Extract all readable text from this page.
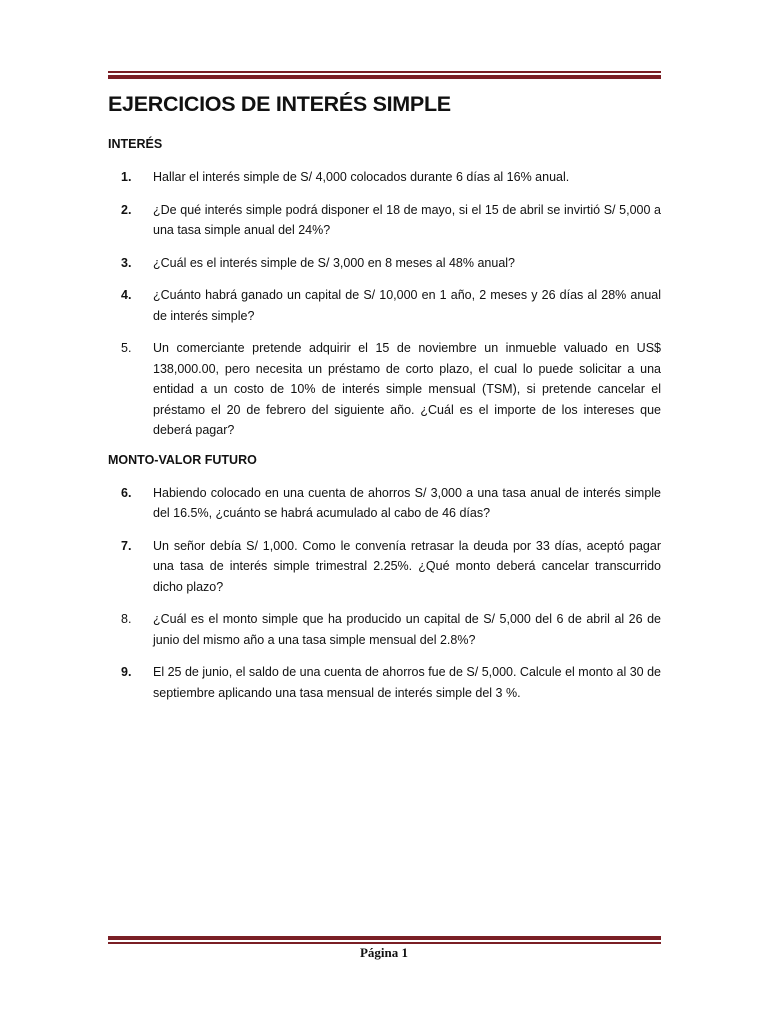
EJERCICIOS DE INTERÉS SIMPLE
INTERÉS
1.	Hallar el interés simple de S/ 4,000 colocados durante 6 días al 16% anual.
2.	¿De qué interés simple podrá disponer el 18 de mayo, si el 15 de abril se invirtió S/ 5,000 a una tasa simple anual del 24%?
3.	¿Cuál es el interés simple de S/ 3,000 en 8 meses al 48% anual?
4.	¿Cuánto habrá ganado un capital de S/ 10,000 en 1 año, 2 meses y 26 días al 28% anual de interés simple?
5.	Un comerciante pretende adquirir el 15 de noviembre un inmueble valuado en US$ 138,000.00, pero necesita un préstamo de corto plazo, el cual lo puede solicitar a una entidad a un costo de 10% de interés simple mensual (TSM), si pretende cancelar el préstamo el 20 de febrero del siguiente año. ¿Cuál es el importe de los intereses que deberá pagar?
MONTO-VALOR FUTURO
6.	Habiendo colocado en una cuenta de ahorros S/ 3,000 a una tasa anual de interés simple del 16.5%, ¿cuánto se habrá acumulado al cabo de 46 días?
7.	Un señor debía S/ 1,000. Como le convenía retrasar la deuda por 33 días, aceptó pagar una tasa de interés simple trimestral 2.25%. ¿Qué monto deberá cancelar transcurrido dicho plazo?
8.	¿Cuál es el monto simple que ha producido un capital de S/ 5,000 del 6 de abril al 26 de junio del mismo año a una tasa simple mensual del 2.8%?
9.	El 25 de junio, el saldo de una cuenta de ahorros fue de S/ 5,000. Calcule el monto al 30 de septiembre aplicando una tasa mensual de interés simple del 3 %.
Página 1
